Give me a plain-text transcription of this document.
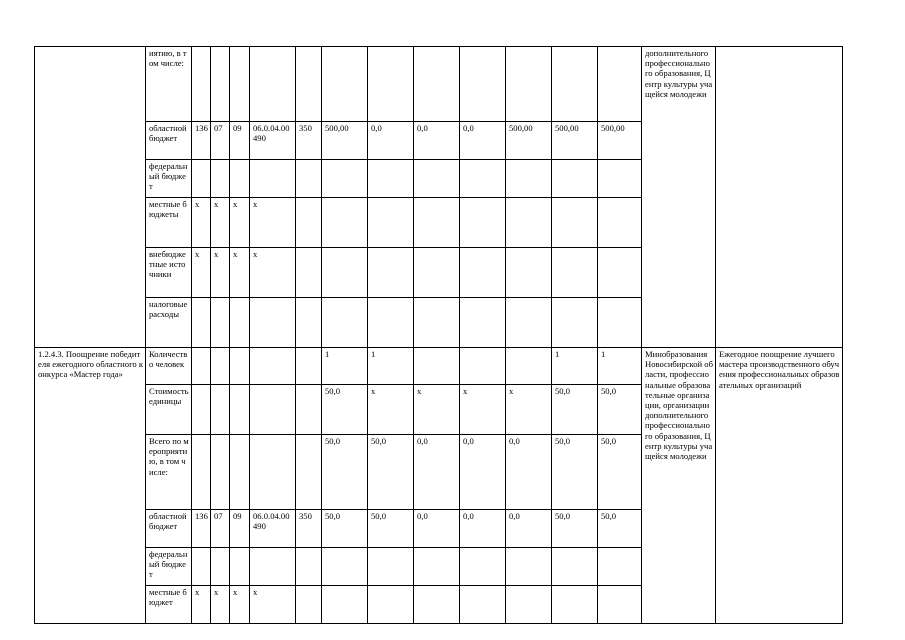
	иятию, в том числе:													дополнительного профессионального образования, Центр культуры учащейся молодежи	

	областной бюджет	136	07	09	06.0.04.00490	350	500,00	0,0	0,0	0,0	500,00	500,00	500,00		

	федеральный бюджет														

	местные бюджеты	х	х	х	х										

	внебюджетные источники	х	х	х	х										

	налоговые расходы														

1.2.4.3. Поощрение победителя ежегодного областного конкурса «Мастер года»	Количество человек						1	1				1	1	Минобразования Новосибирской области, профессиональные образовательные организации, организации дополнительного профессионального образования, Центр культуры учащейся молодежи	Ежегодное поощрение лучшего мастера производственного обучения профессиональных образовательных организаций

	Стоимость единицы						50,0	х	х	х	х	50,0	50,0		

	Всего по мероприятию, в том числе:						50,0	50,0	0,0	0,0	0,0	50,0	50,0		

	областной бюджет	136	07	09	06.0.04.00490	350	50,0	50,0	0,0	0,0	0,0	50,0	50,0		

	федеральный бюджет														

	местные бюджет	х	х	х	х										
